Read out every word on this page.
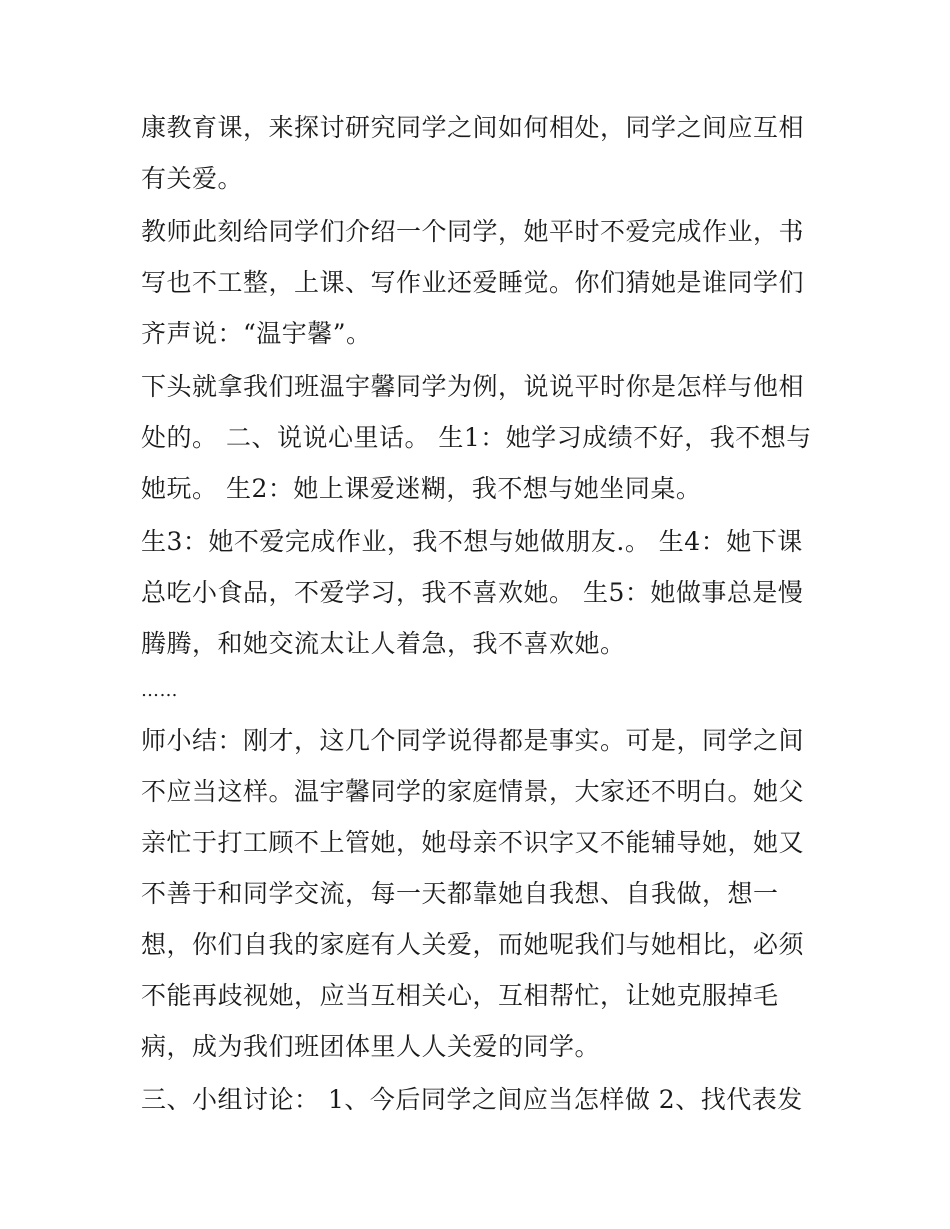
康教育课，来探讨研究同学之间如何相处，同学之间应互相有关爱。

教师此刻给同学们介绍一个同学，她平时不爱完成作业，书写也不工整，上课、写作业还爱睡觉。你们猜她是谁同学们齐声说：“温宇馨”。

下头就拿我们班温宇馨同学为例，说说平时你是怎样与他相处的。 二、说说心里话。 生1：她学习成绩不好，我不想与她玩。 生2：她上课爱迷糊，我不想与她坐同桌。

生3：她不爱完成作业，我不想与她做朋友.。 生4：她下课总吃小食品，不爱学习，我不喜欢她。 生5：她做事总是慢腾腾，和她交流太让人着急，我不喜欢她。

……

师小结：刚才，这几个同学说得都是事实。可是，同学之间不应当这样。温宇馨同学的家庭情景，大家还不明白。她父亲忙于打工顾不上管她，她母亲不识字又不能辅导她，她又不善于和同学交流，每一天都靠她自我想、自我做，想一想，你们自我的家庭有人关爱，而她呢我们与她相比，必须不能再歧视她，应当互相关心，互相帮忙，让她克服掉毛病，成为我们班团体里人人关爱的同学。

三、小组讨论： 1、今后同学之间应当怎样做 2、找代表发
